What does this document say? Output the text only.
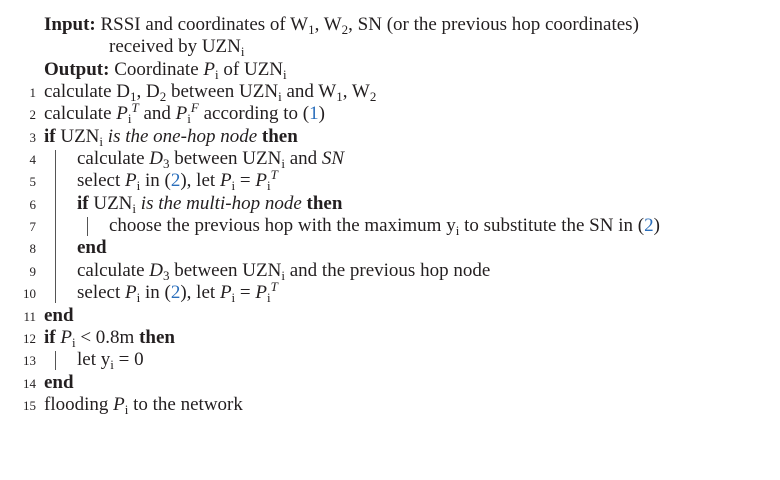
Input: RSSI and coordinates of $W_1$, $W_2$, SN (or the previous hop coordinates)
received by $UZN_i$
Output: Coordinate $P_i$ of $UZN_i$
1 calculate $D_1$, $D_2$ between $UZN_i$ and $W_1$, $W_2$
2 calculate $P_i^T$ and $P_i^F$ according to (1)
3 if $UZN_i$ is the one-hop node then
4 calculate $D_3$ between $UZN_i$ and SN
5 select $P_i$ in (2), let $P_i = P_i^T$
6 if $UZN_i$ is the multi-hop node then
7	choose the previous hop with the maximum $y_i$ to substitute the SN in (2)
8 end
9 calculate $D_3$ between $UZN_i$ and the previous hop node
10 select $P_i$ in (2), let $P_i = P_i^T$
11 end
12 if $P_i < 0.8m$ then
13 let $y_i = 0$
14 end
15 flooding $P_i$ to the network
